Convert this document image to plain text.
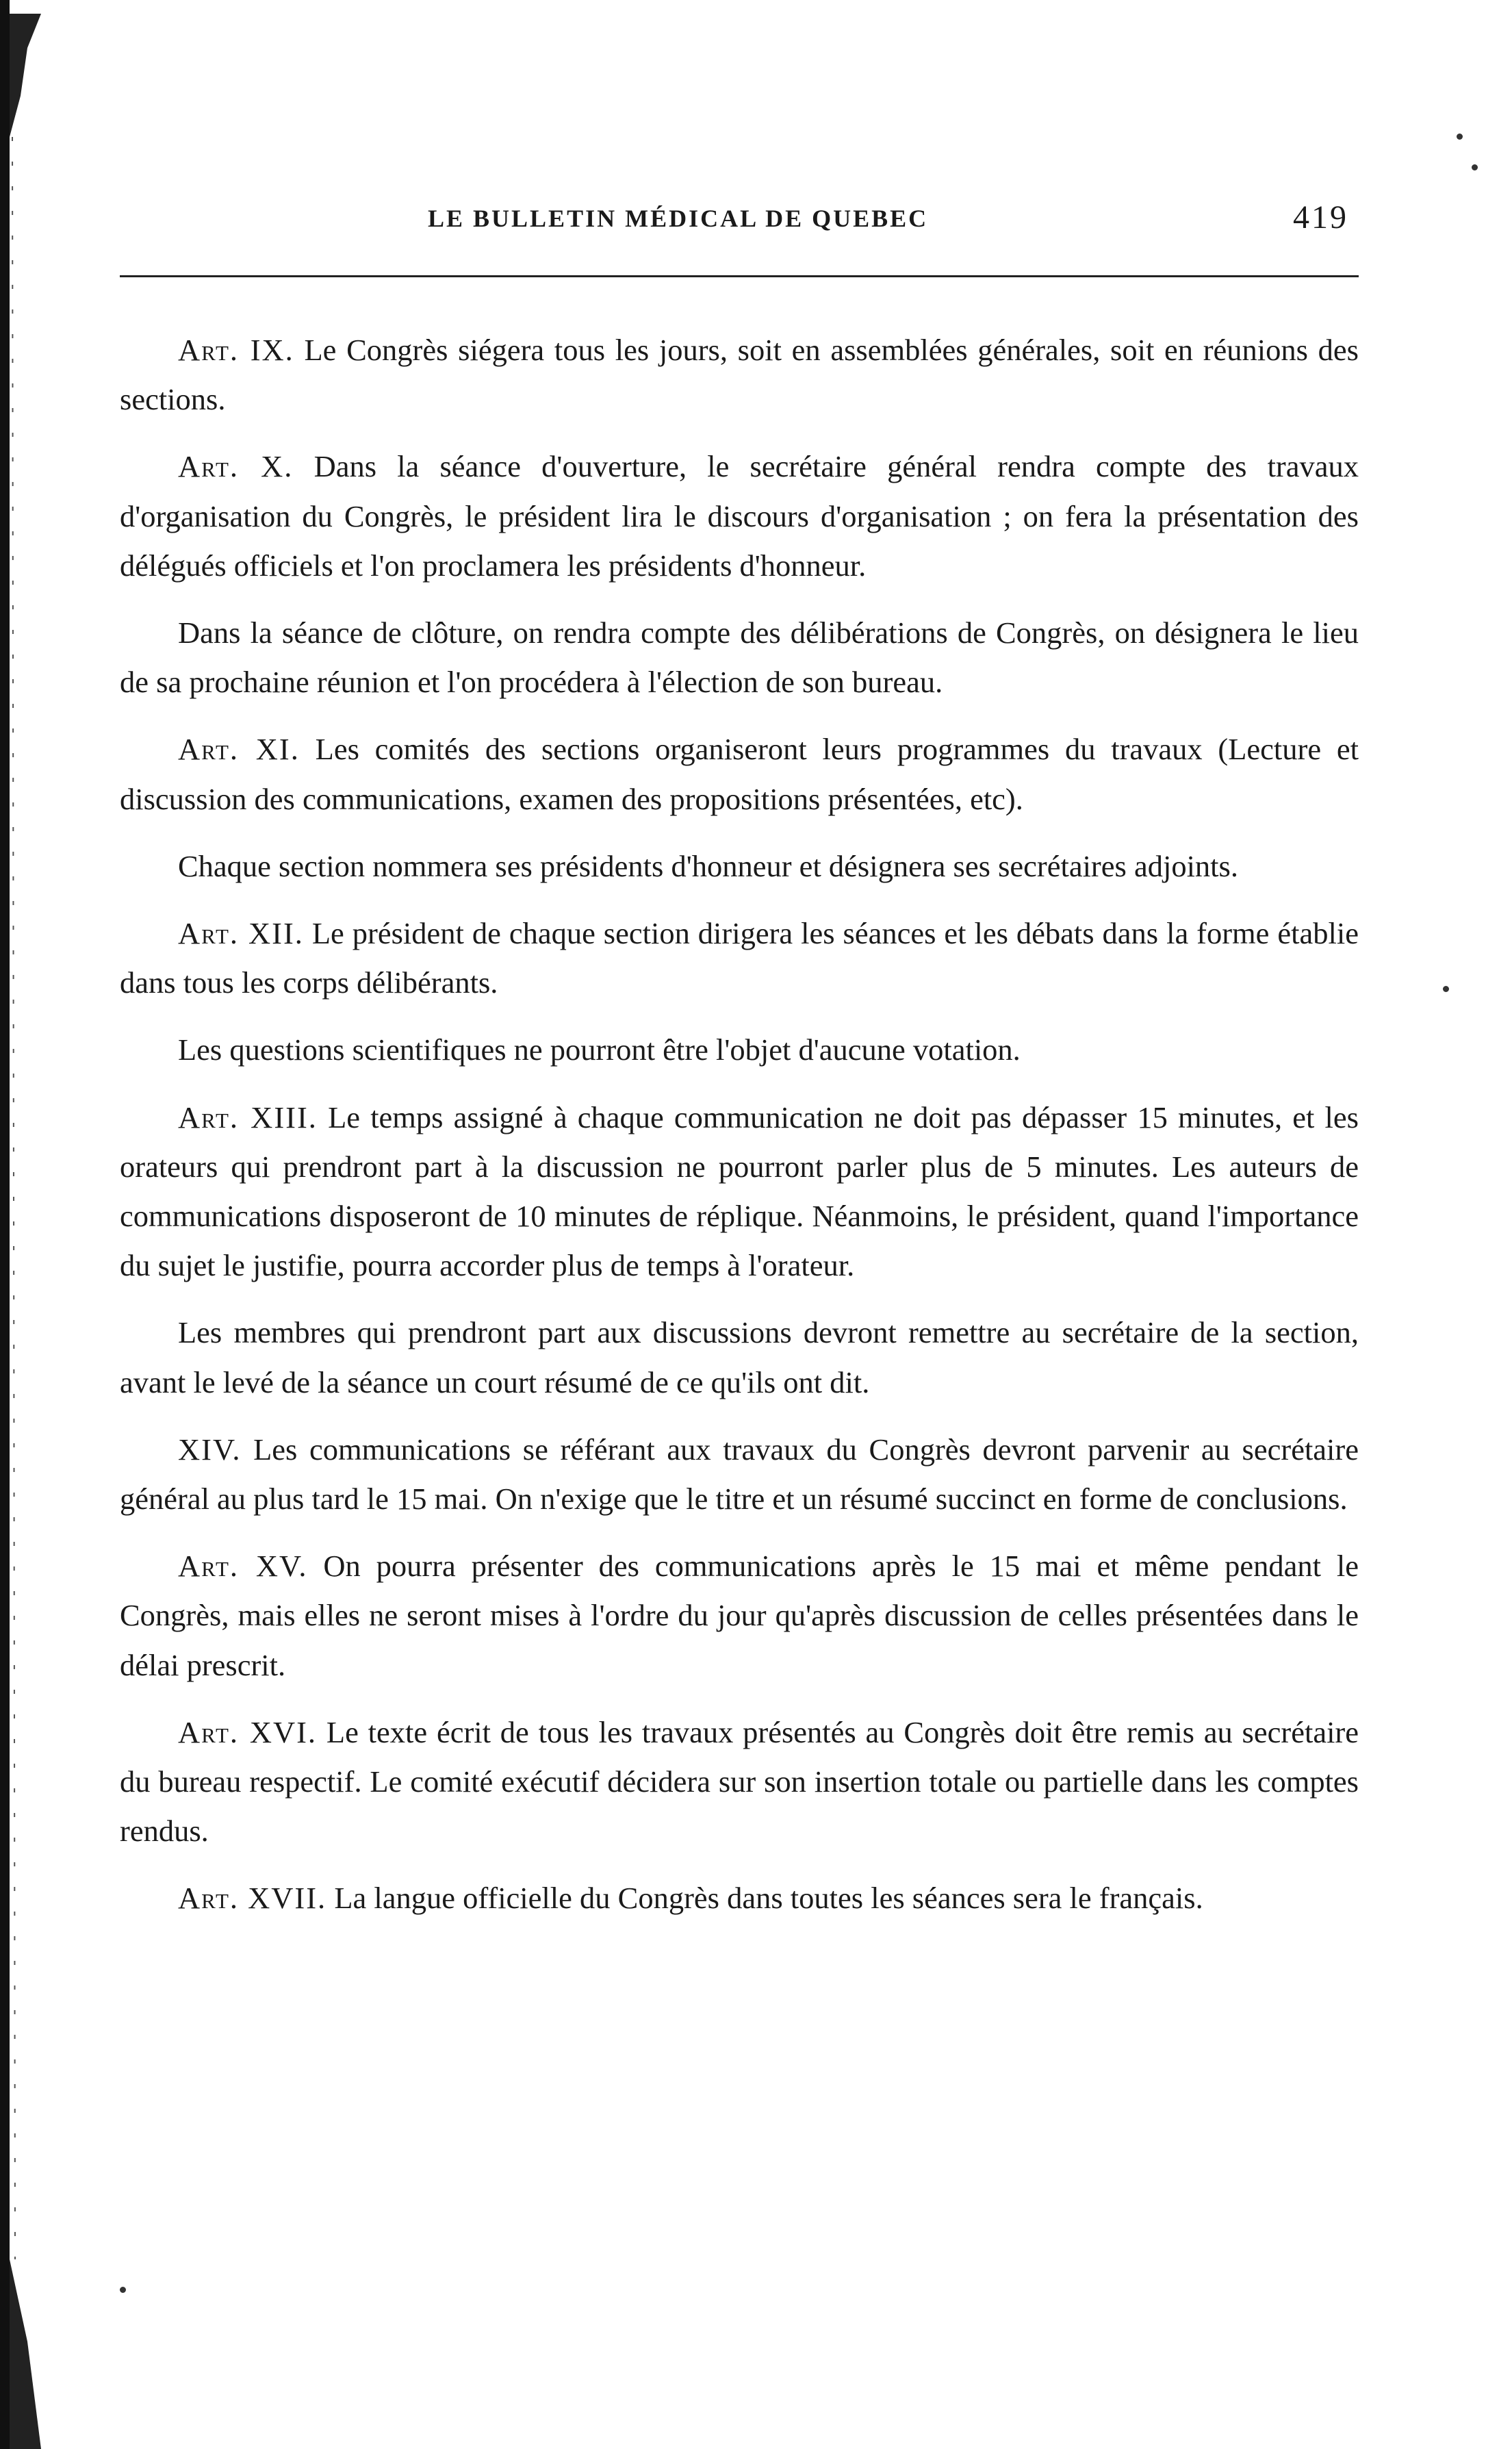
LE BULLETIN MÉDICAL DE QUEBEC	419

Art. IX. Le Congrès siégera tous les jours, soit en assemblées générales, soit en réunions des sections.

Art. X. Dans la séance d'ouverture, le secrétaire général rendra compte des travaux d'organisation du Congrès, le président lira le discours d'organisation ; on fera la présentation des délégués officiels et l'on proclamera les présidents d'honneur.

Dans la séance de clôture, on rendra compte des délibérations de Congrès, on désignera le lieu de sa prochaine réunion et l'on procédera à l'élection de son bureau.

Art. XI. Les comités des sections organiseront leurs programmes du travaux (Lecture et discussion des communications, examen des propositions présentées, etc).

Chaque section nommera ses présidents d'honneur et désignera ses secrétaires adjoints.

Art. XII. Le président de chaque section dirigera les séances et les débats dans la forme établie dans tous les corps délibérants.

Les questions scientifiques ne pourront être l'objet d'aucune votation.

Art. XIII. Le temps assigné à chaque communication ne doit pas dépasser 15 minutes, et les orateurs qui prendront part à la discussion ne pourront parler plus de 5 minutes. Les auteurs de communications disposeront de 10 minutes de réplique. Néanmoins, le président, quand l'importance du sujet le justifie, pourra accorder plus de temps à l'orateur.

Les membres qui prendront part aux discussions devront remettre au secrétaire de la section, avant le levé de la séance un court résumé de ce qu'ils ont dit.

XIV. Les communications se référant aux travaux du Congrès devront parvenir au secrétaire général au plus tard le 15 mai. On n'exige que le titre et un résumé succinct en forme de conclusions.

Art. XV. On pourra présenter des communications après le 15 mai et même pendant le Congrès, mais elles ne seront mises à l'ordre du jour qu'après discussion de celles présentées dans le délai prescrit.

Art. XVI. Le texte écrit de tous les travaux présentés au Congrès doit être remis au secrétaire du bureau respectif. Le comité exécutif décidera sur son insertion totale ou partielle dans les comptes rendus.

Art. XVII. La langue officielle du Congrès dans toutes les séances sera le français.
